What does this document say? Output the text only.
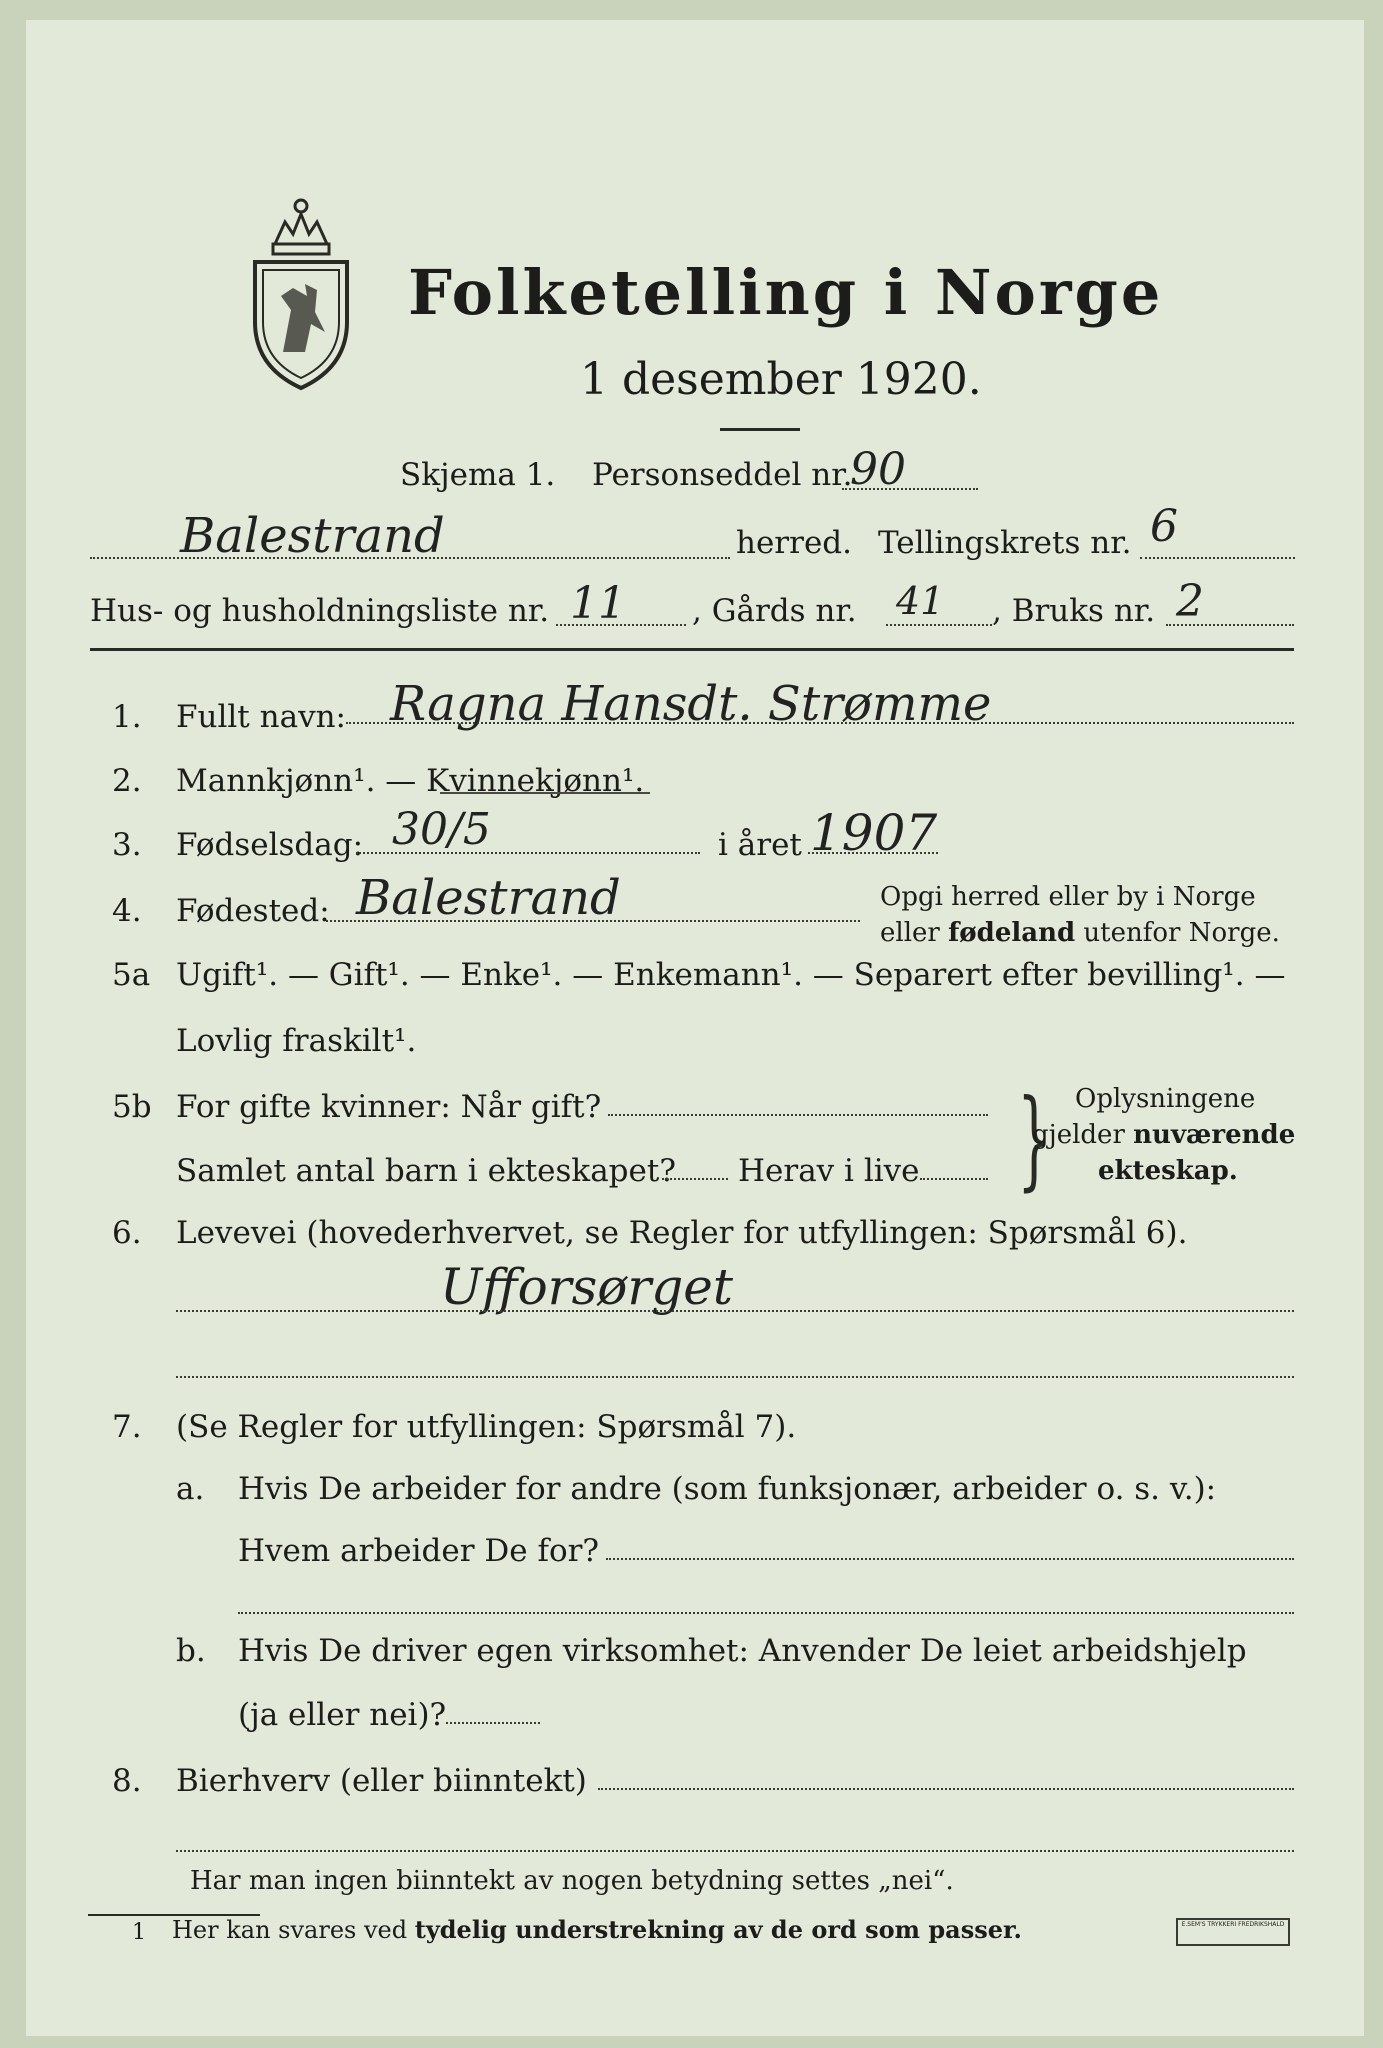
Folketelling i Norge
1 desember 1920.
Skjema 1. Personseddel nr.
90
Balestrand	herred. Tellingskrets nr. 6
Hus- og husholdningsliste nr. 11 , Gårds nr. 41 , Bruks nr. 2
1. Fullt navn: Ragna Hansdt. Strømme
2. Mannkjønn¹. — Kvinnekjønn¹.
3. Fødselsdag: 30/5	i året 1907
4. Fødested: Balestrand	Opgi herred eller by i Norge
eller fødeland utenfor Norge.
5a Ugift¹. — Gift¹. — Enke¹. — Enkemann¹. — Separert efter bevilling¹. —
Lovlig fraskilt¹.
5b For gifte kvinner: Når gift?
Samlet antal barn i ekteskapet? Herav i live } Oplysningene
gjelder nuværende
ekteskap.
6. Levevei (hovederhvervet, se Regler for utfyllingen: Spørsmål 6).
Ufforsørget
7. (Se Regler for utfyllingen: Spørsmål 7).
a. Hvis De arbeider for andre (som funksjonær, arbeider o. s. v.):
Hvem arbeider De for?
b. Hvis De driver egen virksomhet: Anvender De leiet arbeidshjelp
(ja eller nei)?
8. Bierhverv (eller biinntekt)
Har man ingen biinntekt av nogen betydning settes „nei“.
1 Her kan svares ved tydelig understrekning av de ord som passer.	E.SEM'S TRYKKERI FREDRIKSHALD
